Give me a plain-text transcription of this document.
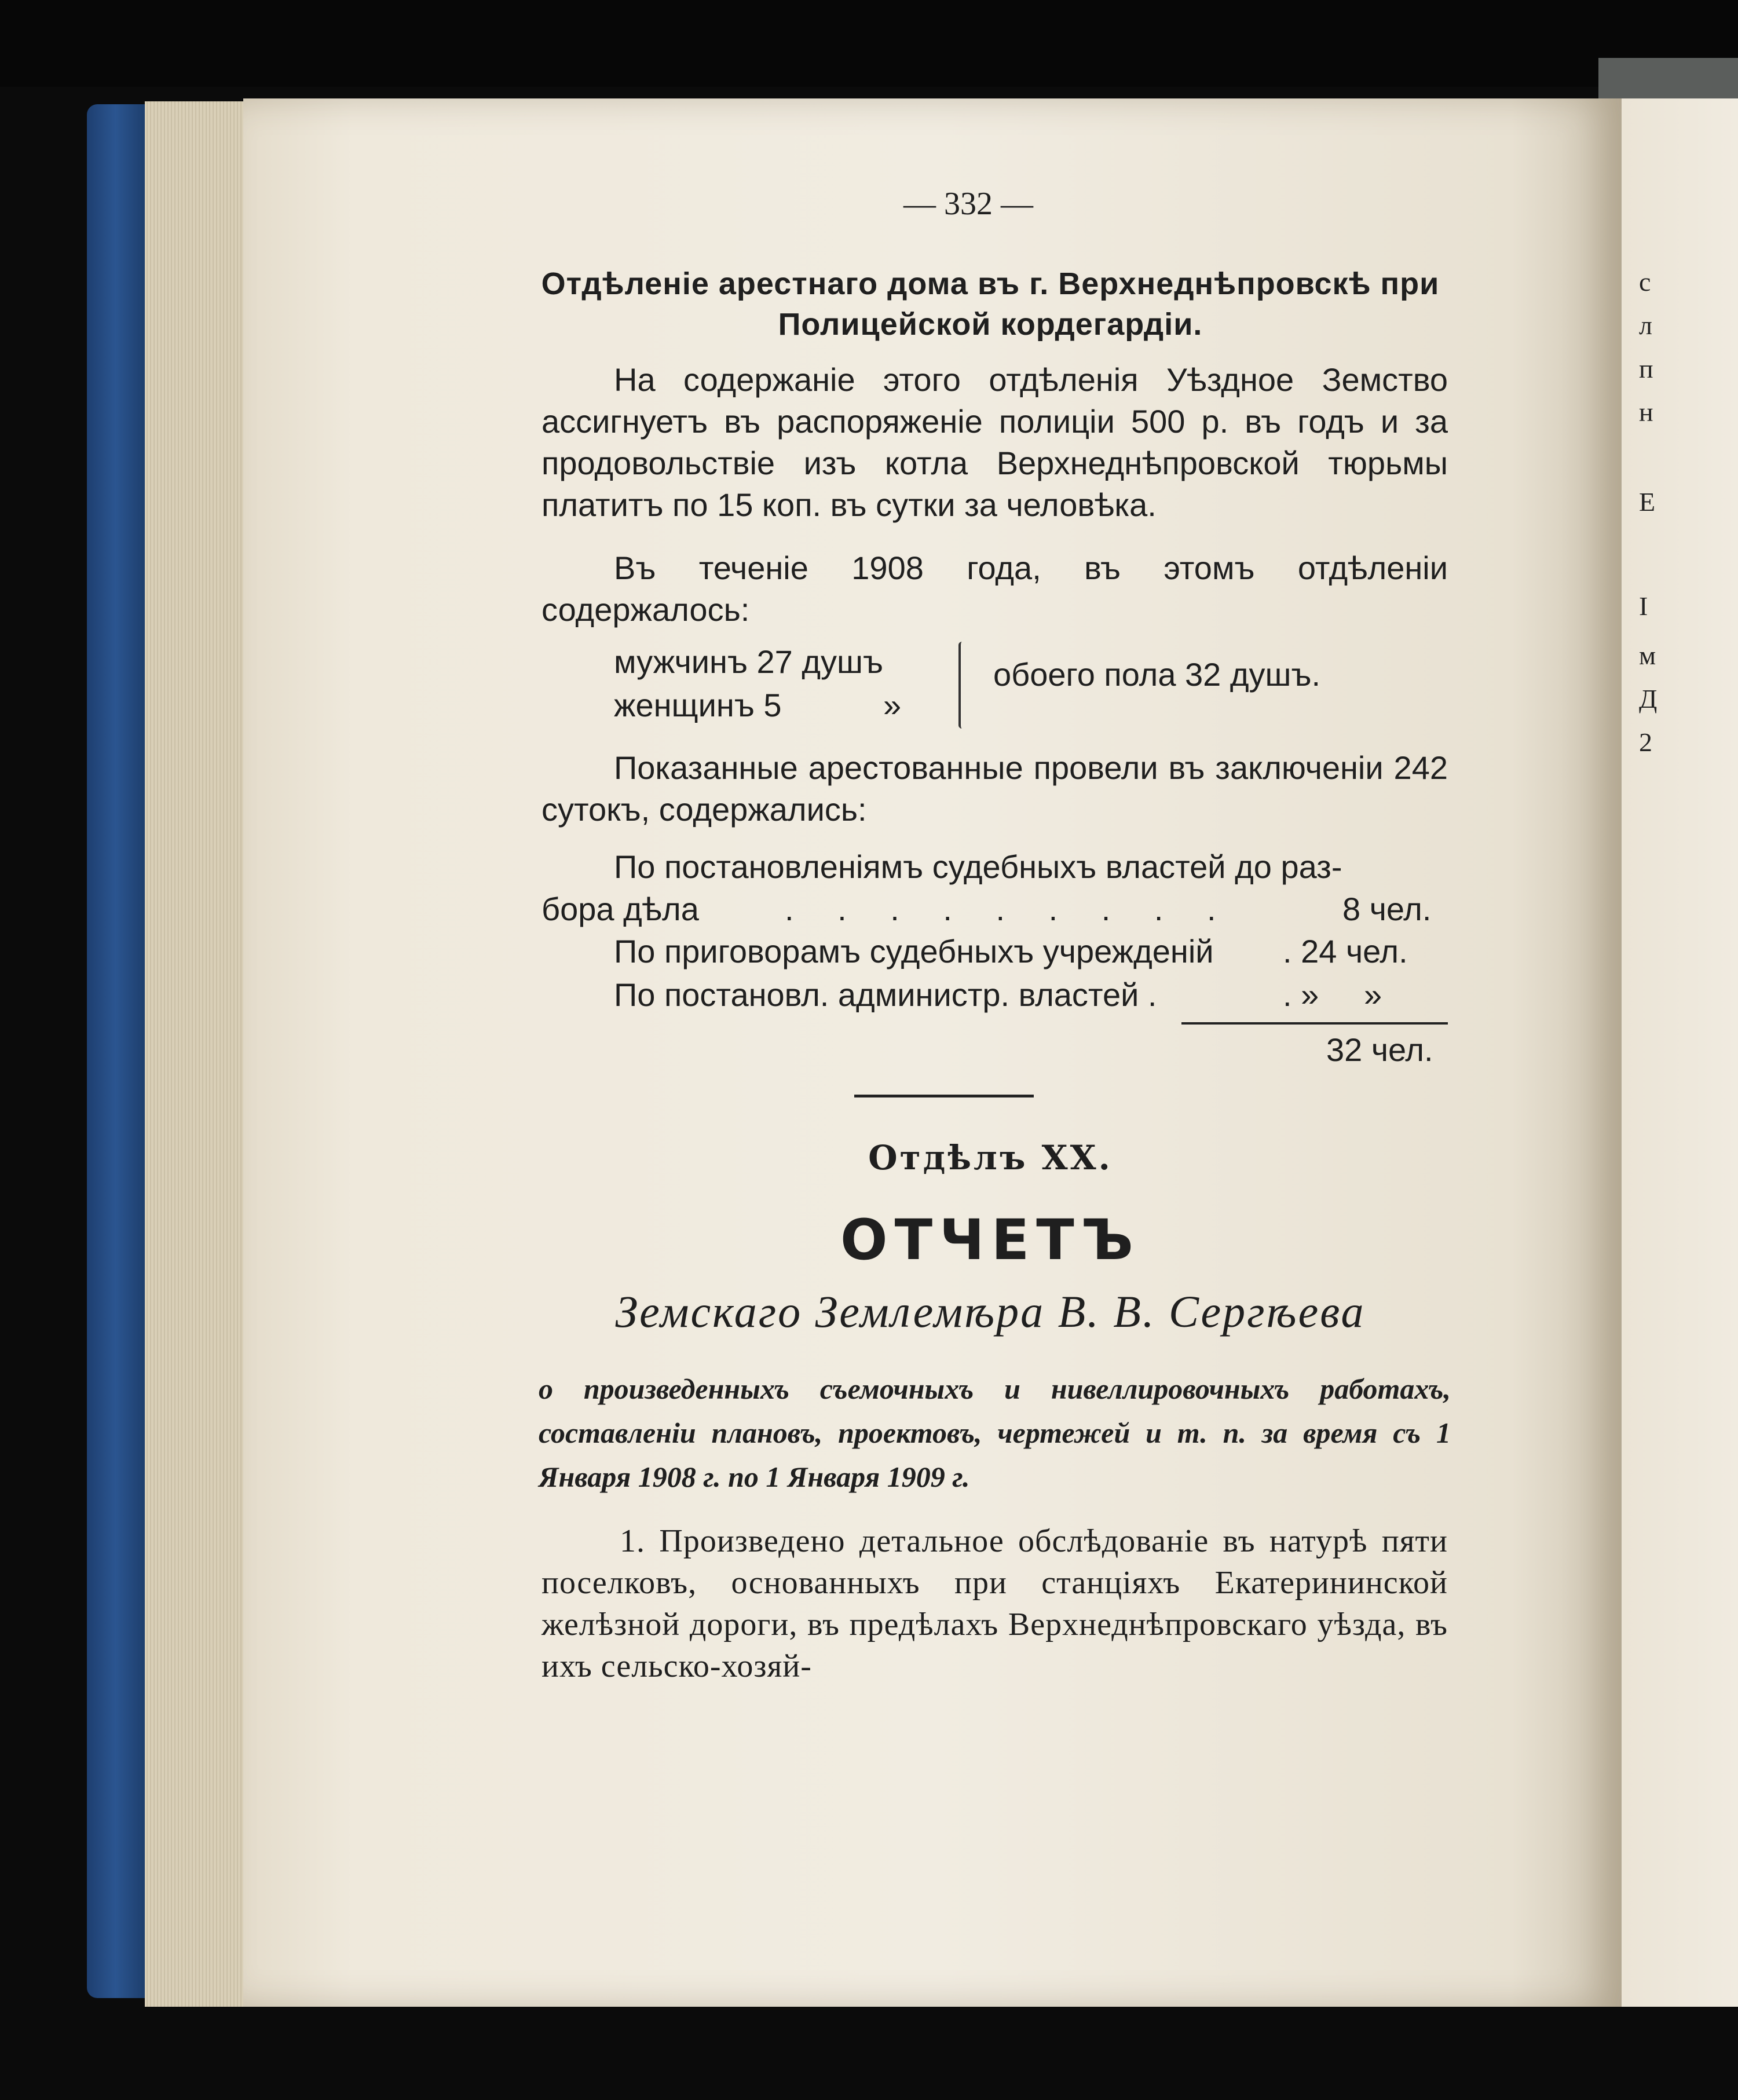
с
л
п
н
Е
I
м
Д
2
— 332 —
Отдѣленіе арестнаго дома въ г. Верхнеднѣпровскѣ при Полицейской кордегардіи.
На содержаніе этого отдѣленія Уѣздное Земство ассигнуетъ въ распоряженіе полиціи 500 р. въ годъ и за продовольствіе изъ котла Верхнеднѣпровской тюрьмы платитъ по 15 коп. въ сутки за человѣка.
Въ теченіе 1908 года, въ этомъ отдѣленіи содержалось:
мужчинъ 27 душъ
женщинъ 5	»
обоего пола 32 душъ.
Показанные арестованные провели въ заключеніи 242 сутокъ, содержались:
По постановленіямъ судебныхъ властей до раз-
бора дѣла	. . . . . . . . .	8 чел.
По приговорамъ судебныхъ учрежденій . 24 чел.
По постановл. администр. властей .	. »     »
32 чел.
Отдѣлъ XX.
ОТЧЕТЪ
Земскаго Землемѣра В. В. Сергѣева
о произведенныхъ съемочныхъ и нивеллировочныхъ работахъ, составленіи плановъ, проектовъ, чертежей и т. п. за время съ 1 Января 1908 г. по 1 Января 1909 г.
1. Произведено детальное обслѣдованіе въ натурѣ пяти поселковъ, основанныхъ при станціяхъ Екатерининской желѣзной дороги, въ предѣлахъ Верхнеднѣпровскаго уѣзда, въ ихъ сельско-хозяй-
